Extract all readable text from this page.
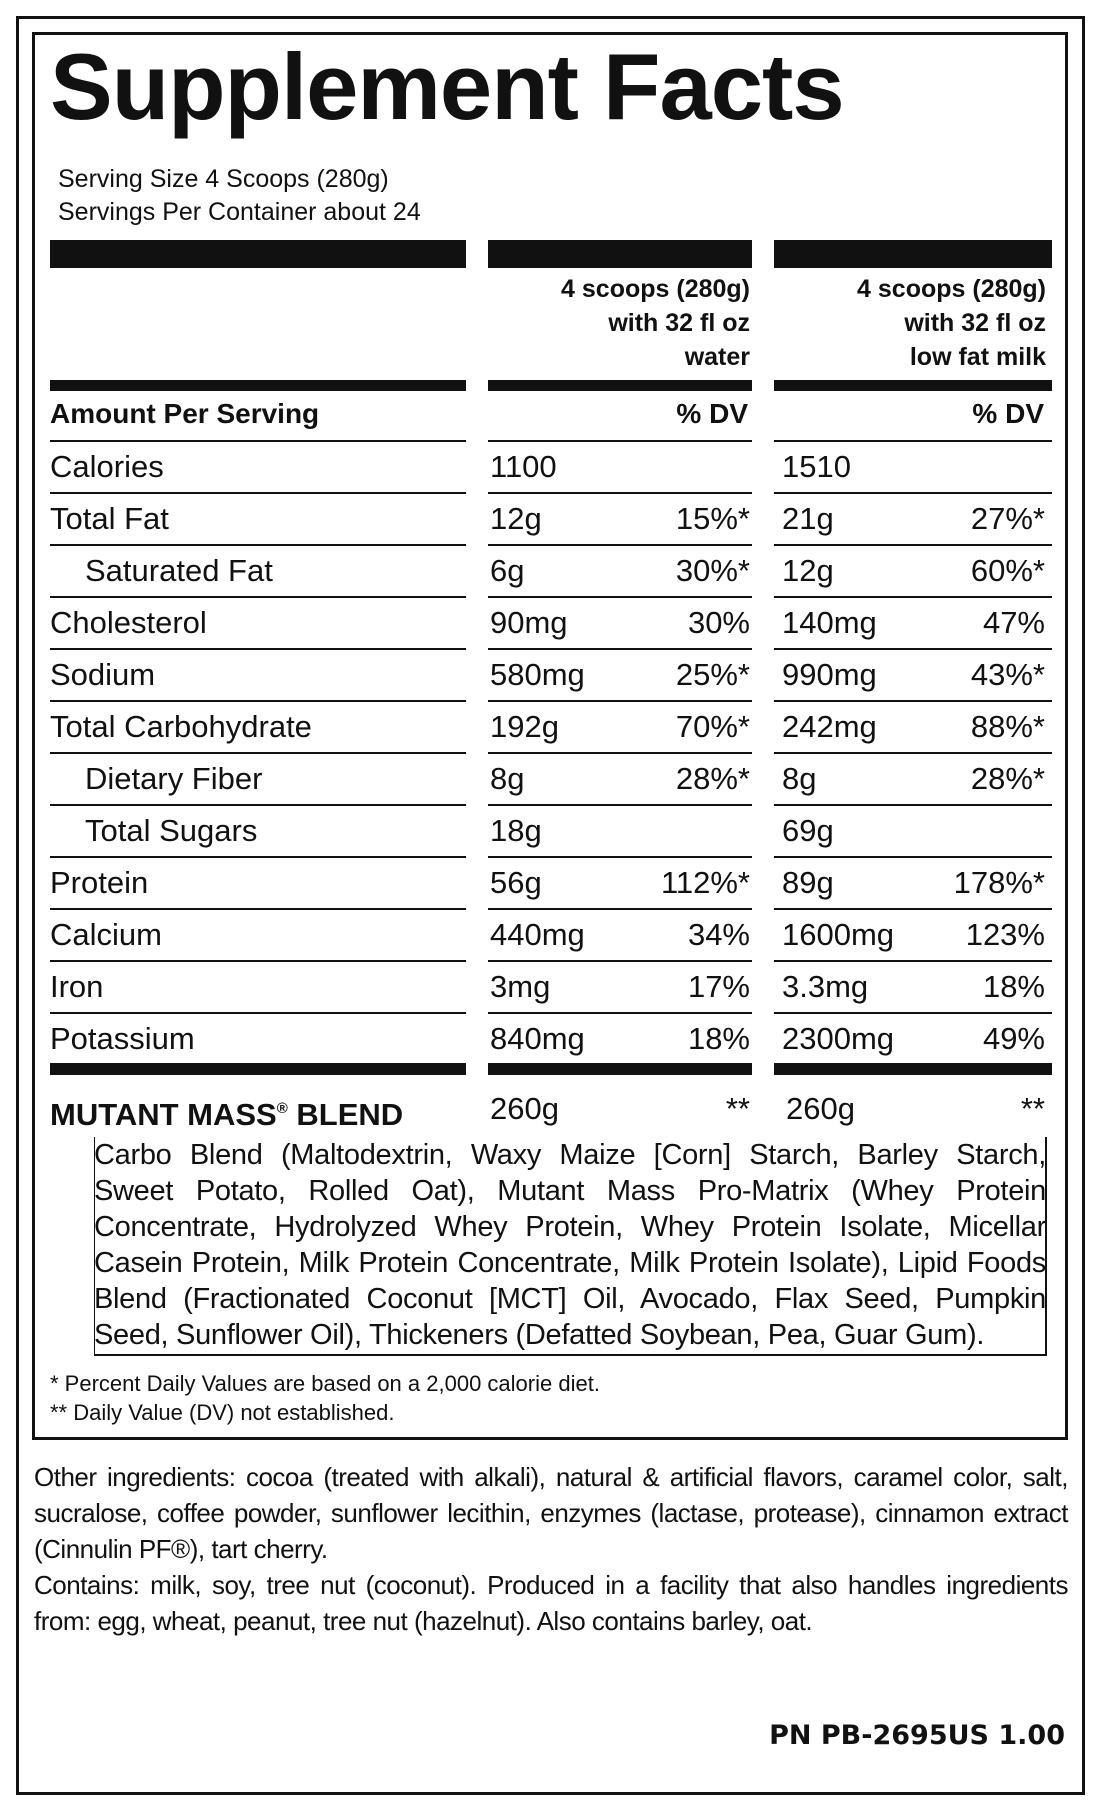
Supplement Facts
Serving Size 4 Scoops (280g)
Servings Per Container about 24
4 scoops (280g)
with 32 fl oz
water
4 scoops (280g)
with 32 fl oz
low fat milk
Amount Per Serving	% DV	% DV
Calories	1100	1510
Total Fat	12g	15%* 21g	27%*
Saturated Fat	6g	30%* 12g	60%*
Cholesterol	90mg	30% 140mg	47%
Sodium	580mg	25%* 990mg	43%*
Total Carbohydrate	192g	70%* 242mg	88%*
Dietary Fiber	8g	28%* 8g	28%*
Total Sugars	18g	69g
Protein	56g	112%* 89g	178%*
Calcium	440mg	34% 1600mg	123%
Iron	3mg	17% 3.3mg	18%
Potassium	840mg	18% 2300mg	49%
MUTANT MASS® BLEND	260g	** 260g	**
Carbo Blend (Maltodextrin, Waxy Maize [Corn] Starch, Barley Starch, Sweet Potato, Rolled Oat), Mutant Mass Pro-Matrix (Whey Protein Concentrate, Hydrolyzed Whey Protein, Whey Protein Isolate, Micellar Casein Protein, Milk Protein Concentrate, Milk Protein Isolate), Lipid Foods Blend (Fractionated Coconut [MCT] Oil, Avocado, Flax Seed, Pumpkin Seed, Sunflower Oil), Thickeners (Defatted Soybean, Pea, Guar Gum).
* Percent Daily Values are based on a 2,000 calorie diet.
** Daily Value (DV) not established.

Other ingredients: cocoa (treated with alkali), natural & artificial flavors, caramel color, salt, sucralose, coffee powder, sunflower lecithin, enzymes (lactase, protease), cinnamon extract (Cinnulin PF®), tart cherry.

Contains: milk, soy, tree nut (coconut). Produced in a facility that also handles ingredients from: egg, wheat, peanut, tree nut (hazelnut). Also contains barley, oat.

PN PB-2695US 1.00
